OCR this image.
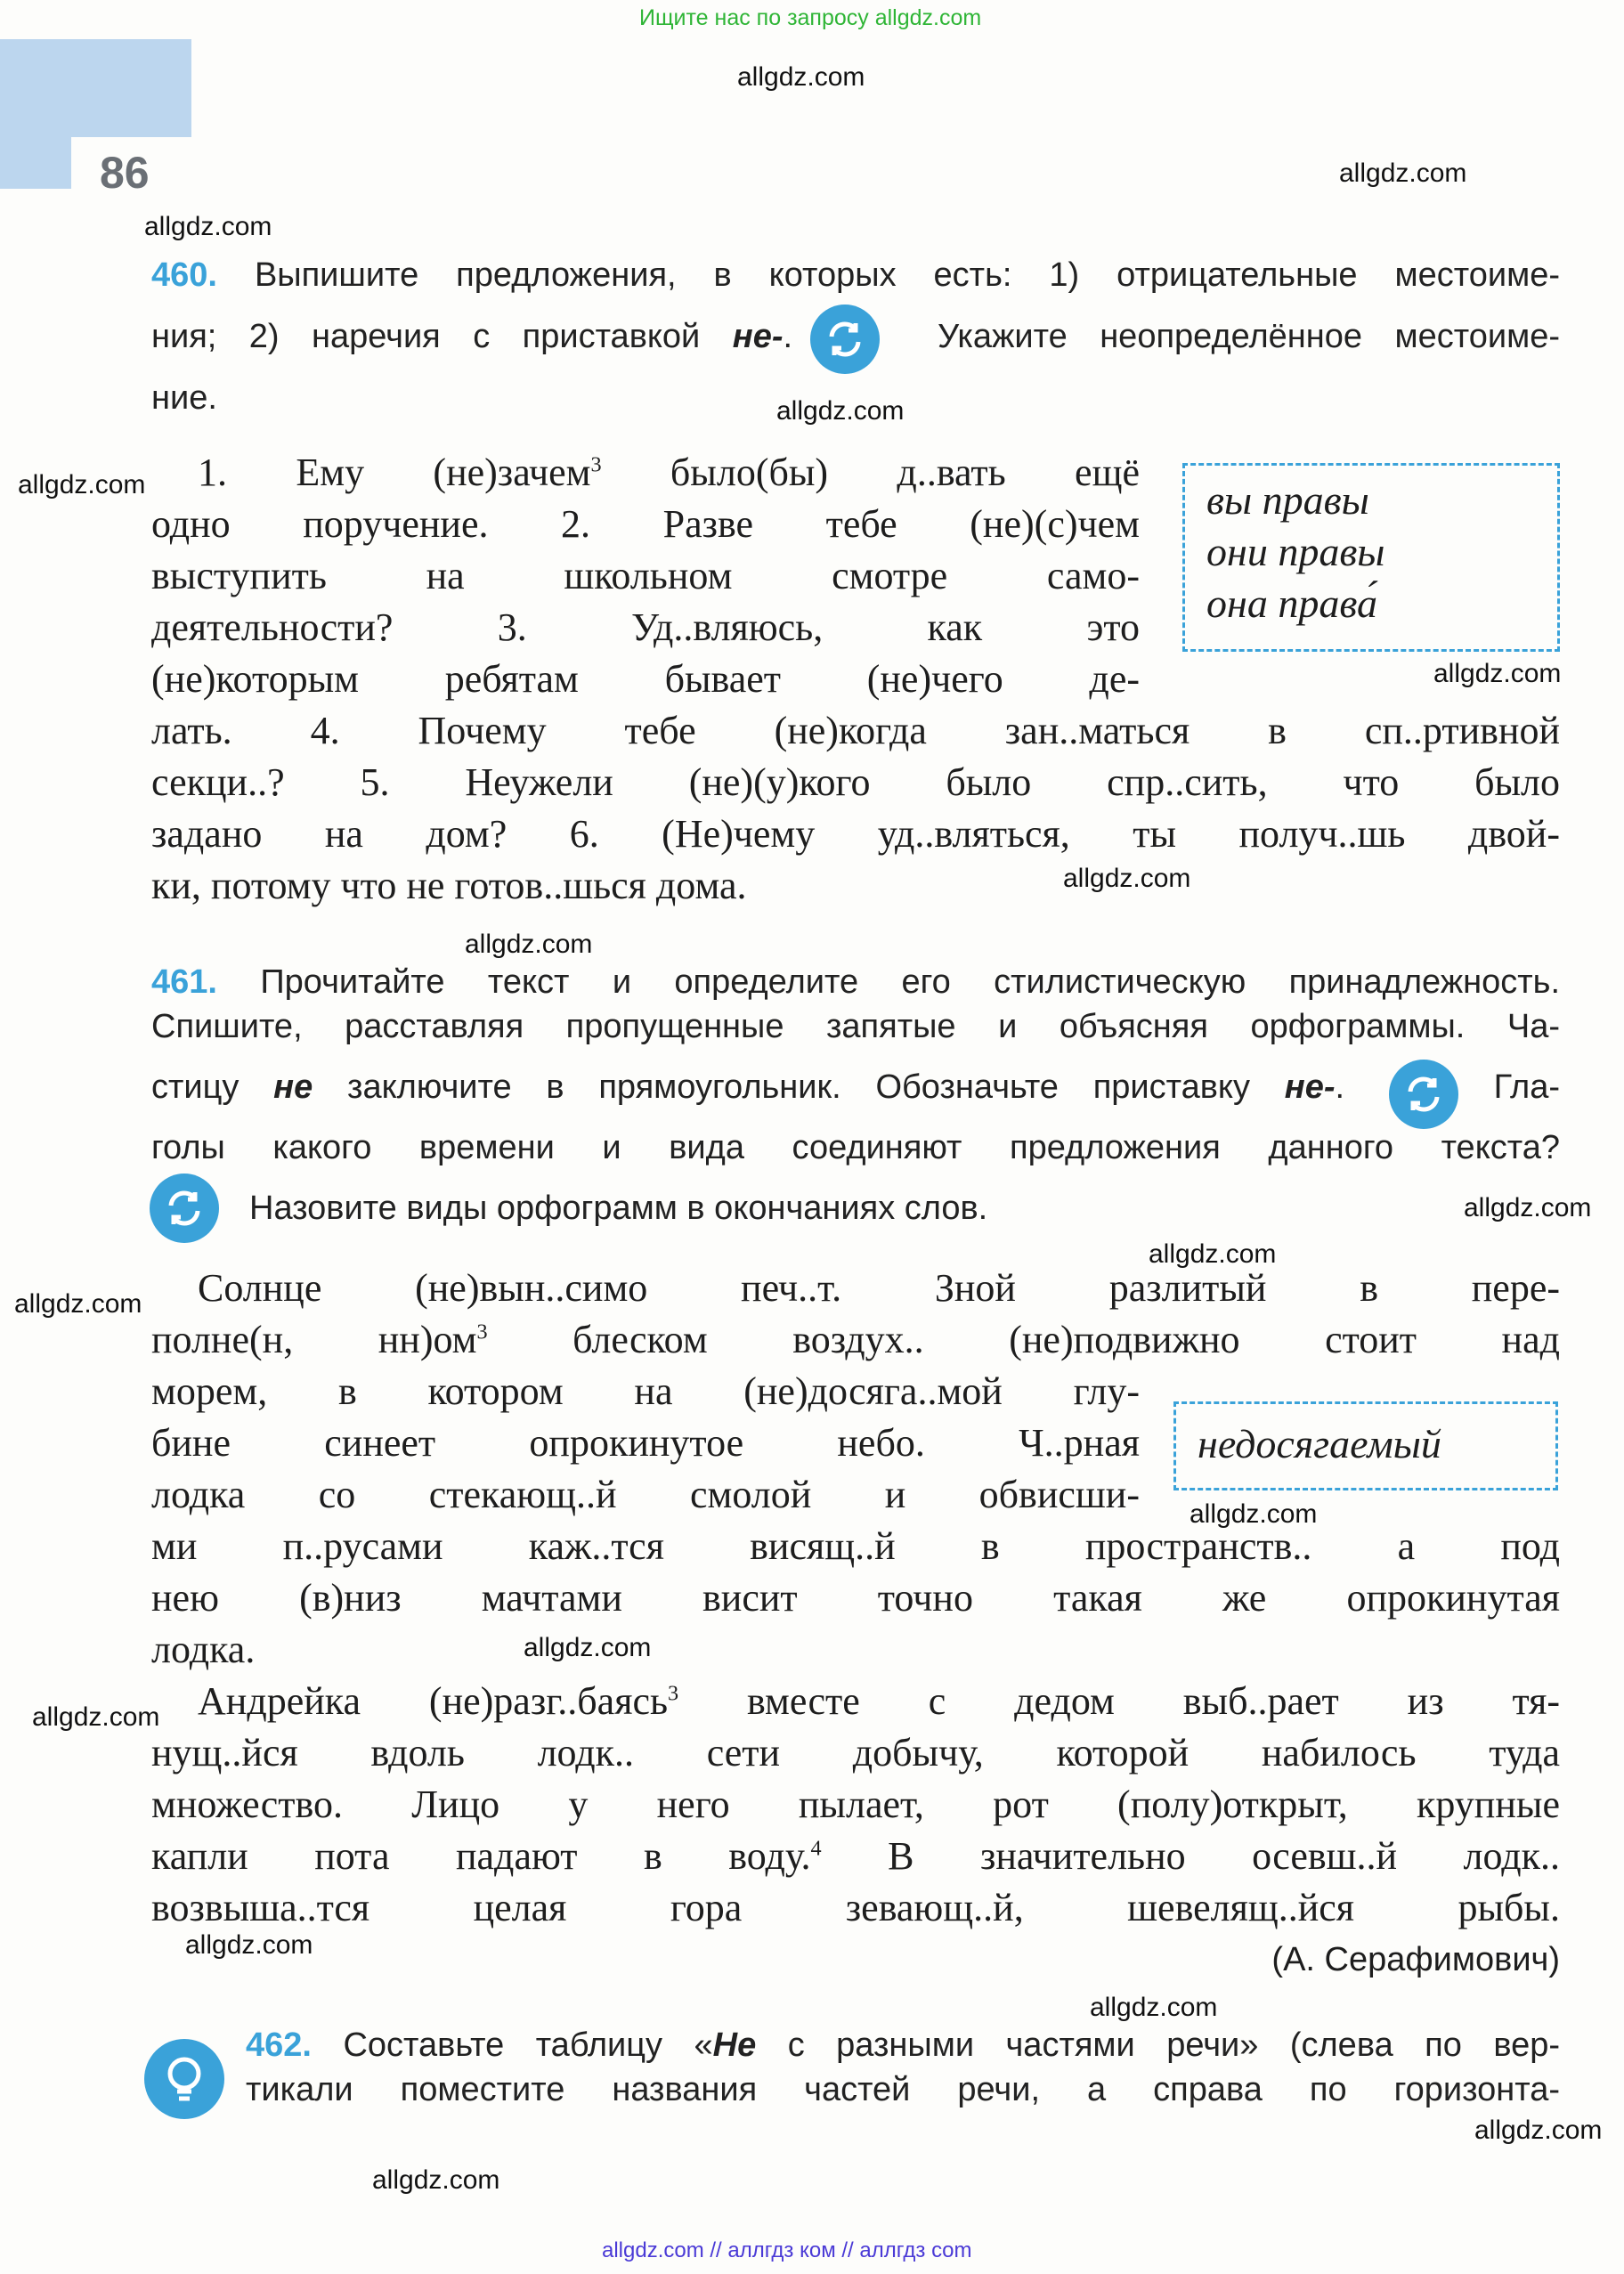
Ищите нас по запросу allgdz.com
allgdz.com
86	allgdz.com
allgdz.com
460. Выпишите предложения, в которых есть: 1) отрицательные местоиме-
ния; 2) наречия с приставкой не-.	Укажите неопределённое местоиме-
ние.	allgdz.com
allgdz.com	1. Ему (не)зачем$^3$ было(бы) д..вать ещё
одно поручение. 2. Разве тебе (не)(с)чем
выступить на школьном смотре само-
деятельности? 3. Уд..вляюсь, как это
(не)которым ребятам бывает (не)чего де-
лать. 4. Почему тебе (не)когда зан..маться в сп..ртивной
секци..? 5. Неужели (не)(у)кого было спр..сить, что было
задано на дом? 6. (Не)чему уд..вляться, ты получ..шь двой-
ки, потому что не готов..шься дома.
вы правы
они правы
она права́
allgdz.com
allgdz.com
allgdz.com
461. Прочитайте текст и определите его стилистическую принадлежность.
Спишите, расставляя пропущенные запятые и объясняя орфограммы. Ча-
стицу не заключите в прямоугольник. Обозначьте приставку не-.	Гла-
голы какого времени и вида соединяют предложения данного текста?
Назовите виды орфограмм в окончаниях слов.	allgdz.com
allgdz.com
allgdz.com	Солнце (не)вын..симо печ..т. Зной разлитый в пере-
полне(н, $нн)ом^3$ блеском воздух.. (не)подвижно стоит над
морем, в котором на (не)досяга..мой глу-
бине синеет опрокинутое небо. Ч..рная
лодка со стекающ..й смолой и обвисши-
ми п..русами каж..тся висящ..й в пространств.. а под
нею (в)низ мачтами висит точно такая же опрокинутая
лодка.
Андрейка (не)разг..баясь$^3$ вместе с дедом выб..рает из тя-
нущ..йся вдоль лодк.. сети добычу, которой набилось туда
множество. Лицо у него пылает, рот (полу)открыт, крупные
капли пота падают в воду.$^4$ В значительно осевш..й лодк..
возвыша..тся целая гора зевающ..й, шевелящ..йся рыбы.
(А. Серафимович)
недосягаемый
allgdz.com
allgdz.com
allgdz.com
allgdz.com
allgdz.com
462. Составьте таблицу «Не с разными частями речи» (слева по вер-
тикали поместите названия частей речи, а справа по горизонта-
allgdz.com
allgdz.com
allgdz.com // аллгдз ком // аллгдз com
